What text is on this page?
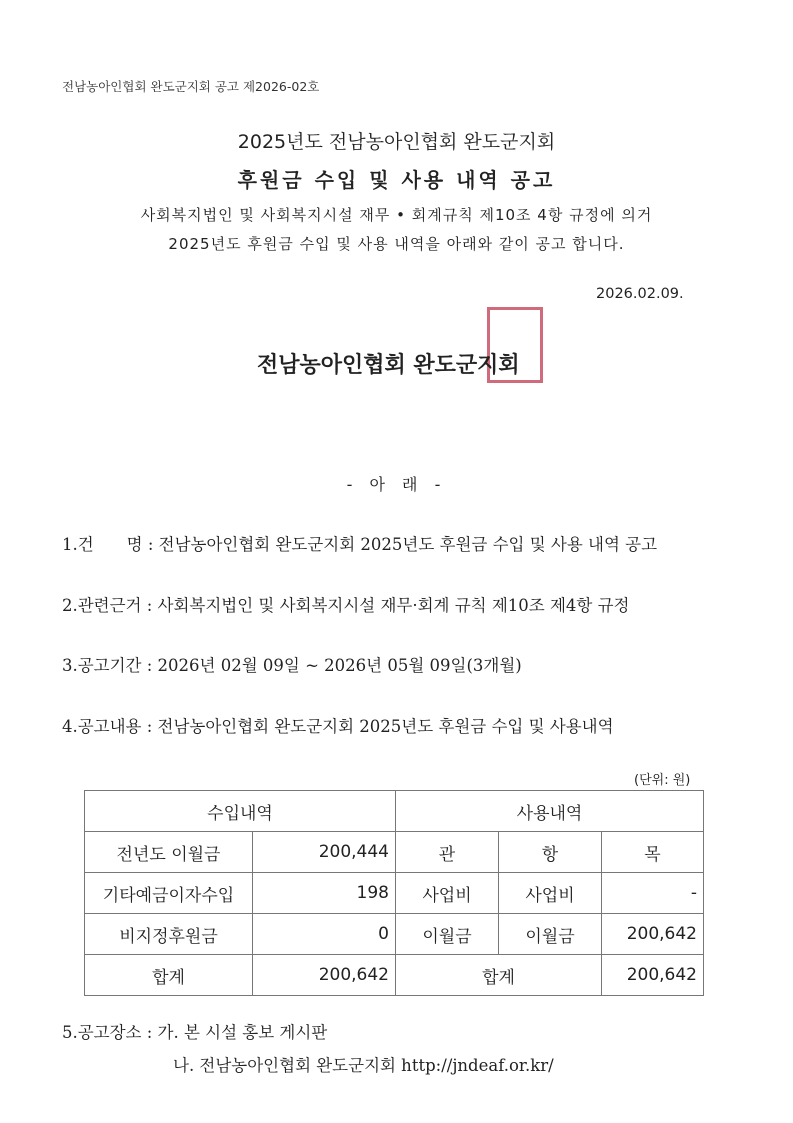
전남농아인협회 완도군지회 공고 제2026-02호
2025년도 전남농아인협회 완도군지회
후원금 수입 및 사용 내역 공고
사회복지법인 및 사회복지시설 재무 • 회계규칙 제10조 4항 규정에 의거
2025년도 후원금 수입 및 사용 내역을 아래와 같이 공고 합니다.
2026.02.09.
전남농아인협회 완도군지회
- 아 래 -
1.건　　명 : 전남농아인협회 완도군지회 2025년도 후원금 수입 및 사용 내역 공고
2.관련근거 : 사회복지법인 및 사회복지시설 재무·회계 규칙 제10조 제4항 규정
3.공고기간 : 2026년 02월 09일 ~ 2026년 05월 09일(3개월)
4.공고내용 : 전남농아인협회 완도군지회 2025년도 후원금 수입 및 사용내역
(단위: 원)
수입내역		사용내역		
전년도 이월금	200,444	관	항	목
기타예금이자수입	198	사업비	사업비	-
비지정후원금	0	이월금	이월금	200,642
합계	200,642	합계		200,642
5.공고장소 : 가. 본 시설 홍보 게시판
나. 전남농아인협회 완도군지회 http://jndeaf.or.kr/
